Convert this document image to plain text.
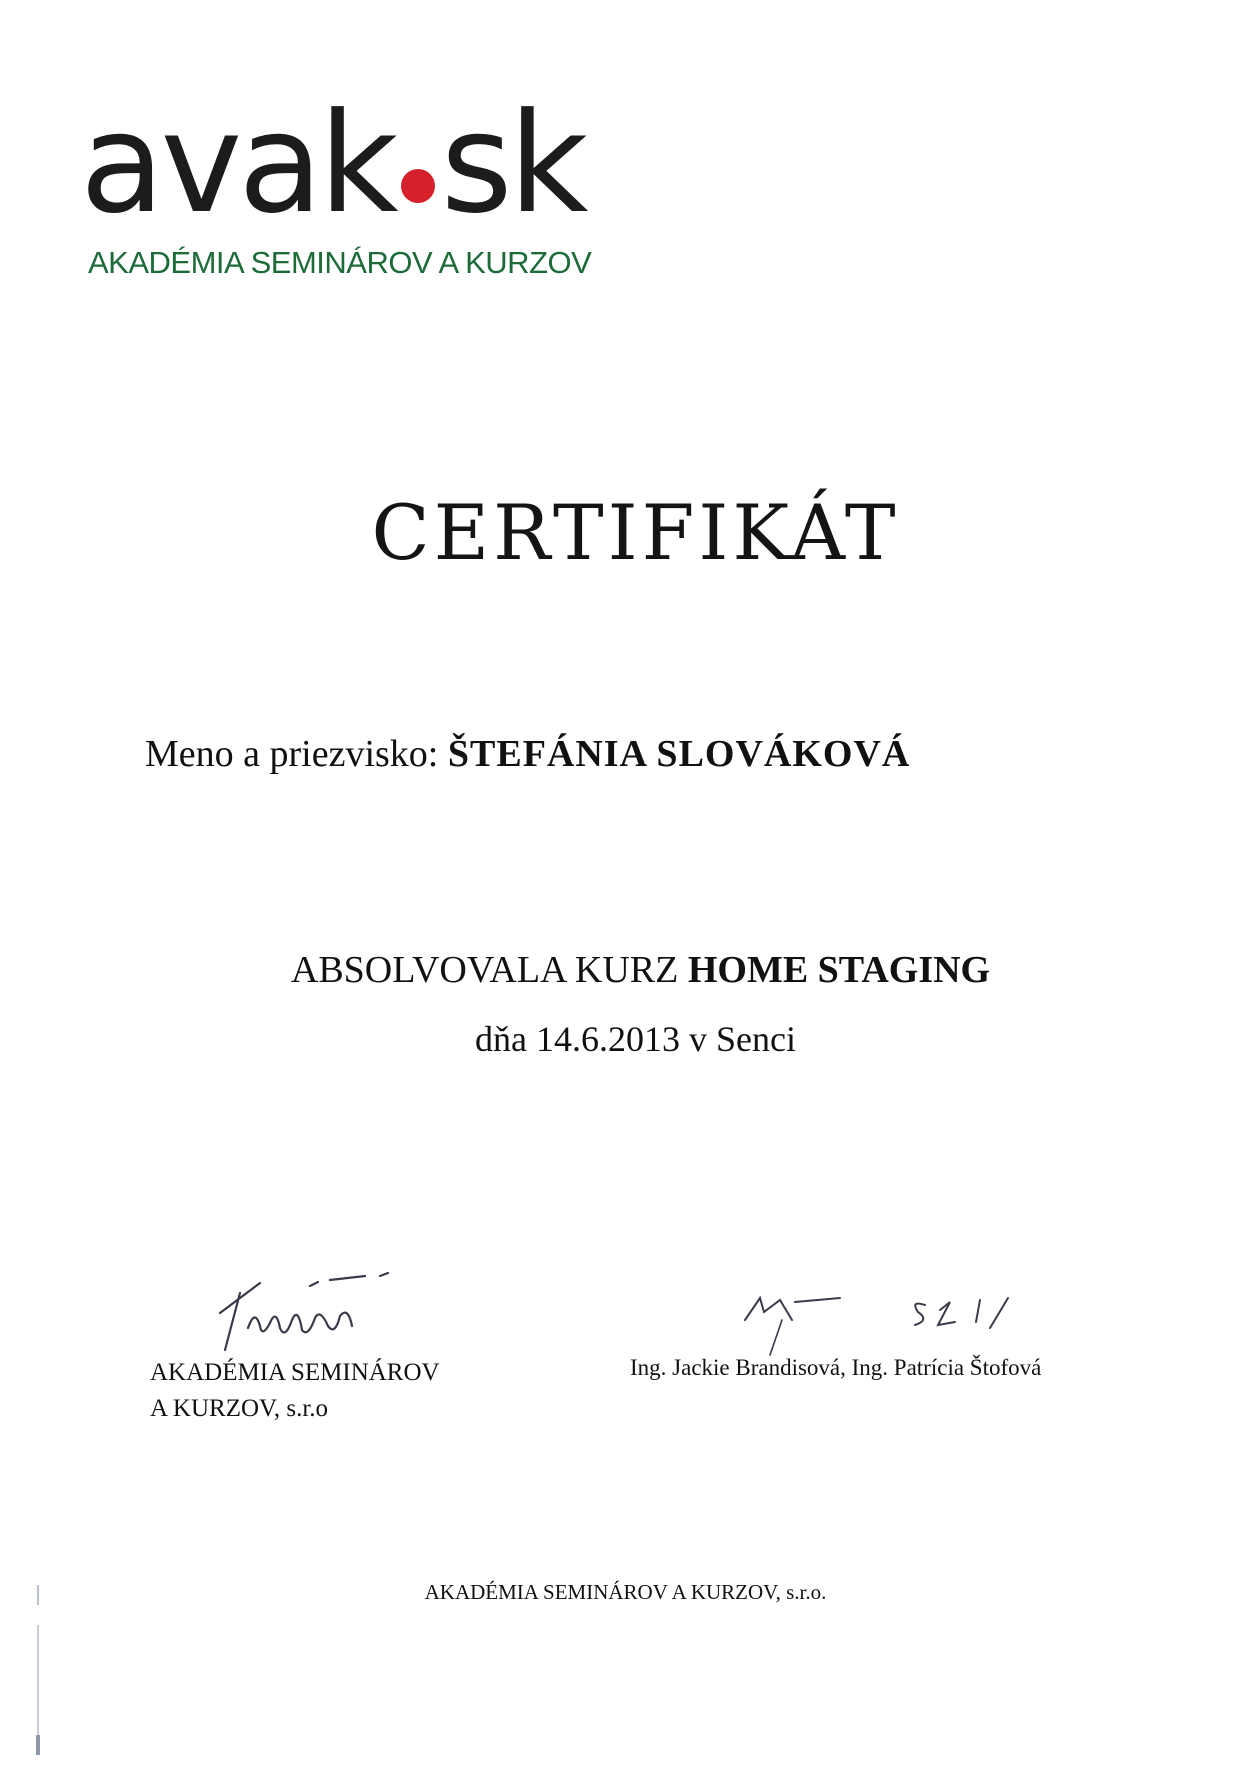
avak sk
AKADÉMIA SEMINÁROV A KURZOV
CERTIFIKÁT
Meno a priezvisko: ŠTEFÁNIA SLOVÁKOVÁ
ABSOLVOVALA KURZ HOME STAGING
dňa 14.6.2013 v Senci
AKADÉMIA SEMINÁROV
A KURZOV, s.r.o
Ing. Jackie Brandisová, Ing. Patrícia Štofová
AKADÉMIA SEMINÁROV A KURZOV, s.r.o.
